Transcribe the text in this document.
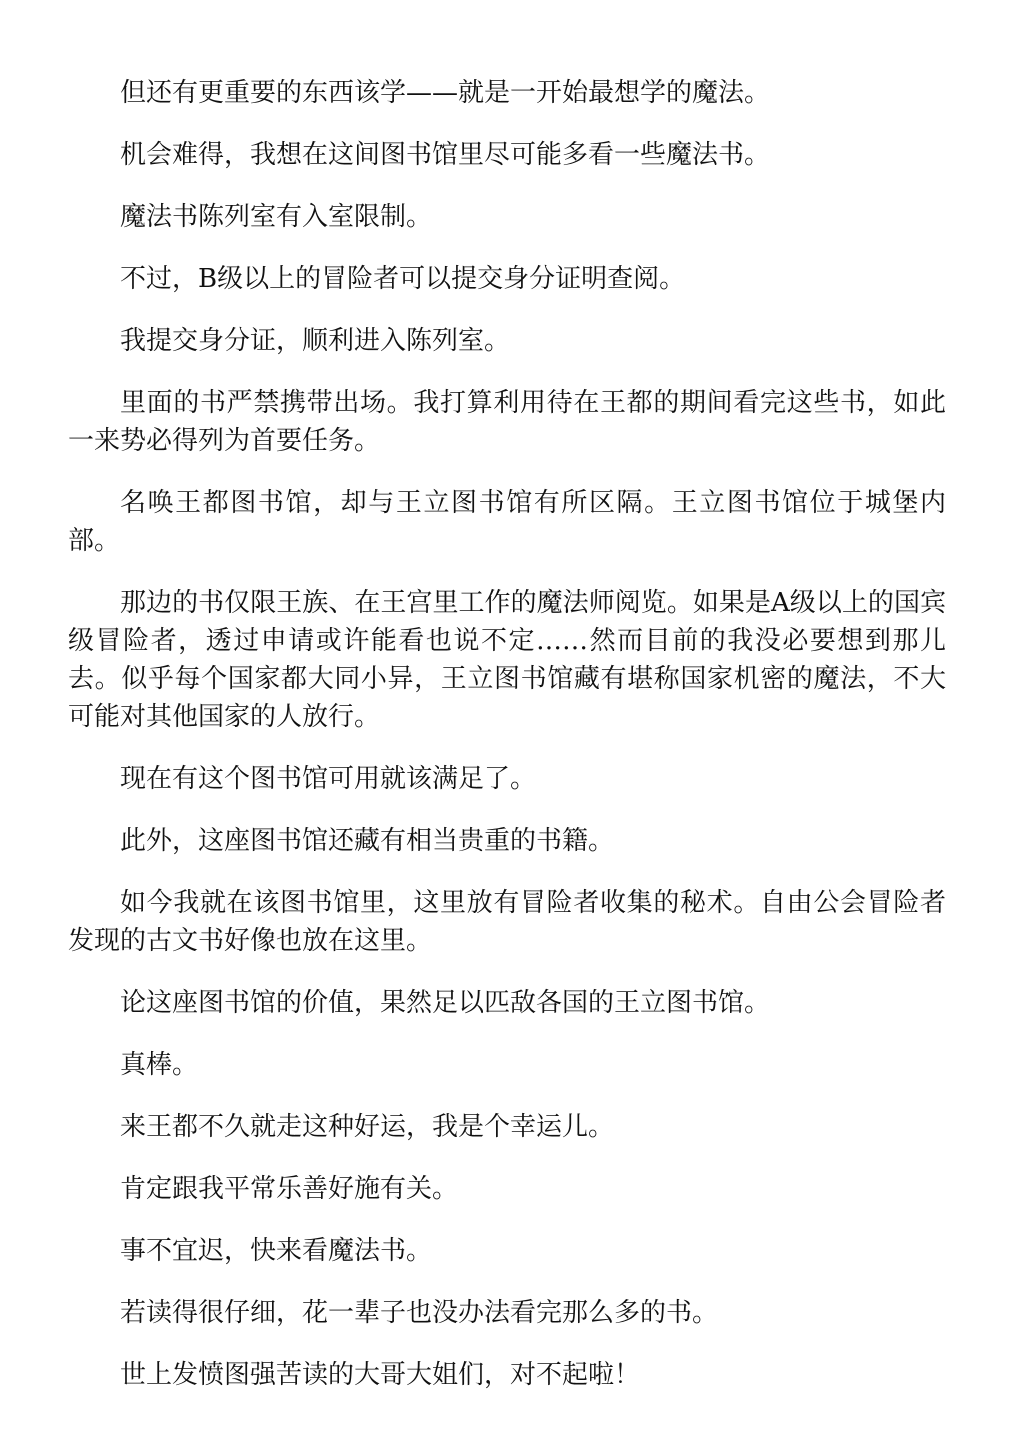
但还有更重要的东西该学——就是一开始最想学的魔法。

机会难得，我想在这间图书馆里尽可能多看一些魔法书。

魔法书陈列室有入室限制。

不过，B级以上的冒险者可以提交身分证明查阅。

我提交身分证，顺利进入陈列室。

里面的书严禁携带出场。我打算利用待在王都的期间看完这些书，如此一来势必得列为首要任务。

名唤王都图书馆，却与王立图书馆有所区隔。王立图书馆位于城堡内部。

那边的书仅限王族、在王宫里工作的魔法师阅览。如果是A级以上的国宾级冒险者，透过申请或许能看也说不定……然而目前的我没必要想到那儿去。似乎每个国家都大同小异，王立图书馆藏有堪称国家机密的魔法，不大可能对其他国家的人放行。

现在有这个图书馆可用就该满足了。

此外，这座图书馆还藏有相当贵重的书籍。

如今我就在该图书馆里，这里放有冒险者收集的秘术。自由公会冒险者发现的古文书好像也放在这里。

论这座图书馆的价值，果然足以匹敌各国的王立图书馆。

真棒。

来王都不久就走这种好运，我是个幸运儿。

肯定跟我平常乐善好施有关。

事不宜迟，快来看魔法书。

若读得很仔细，花一辈子也没办法看完那么多的书。

世上发愤图强苦读的大哥大姐们，对不起啦！
